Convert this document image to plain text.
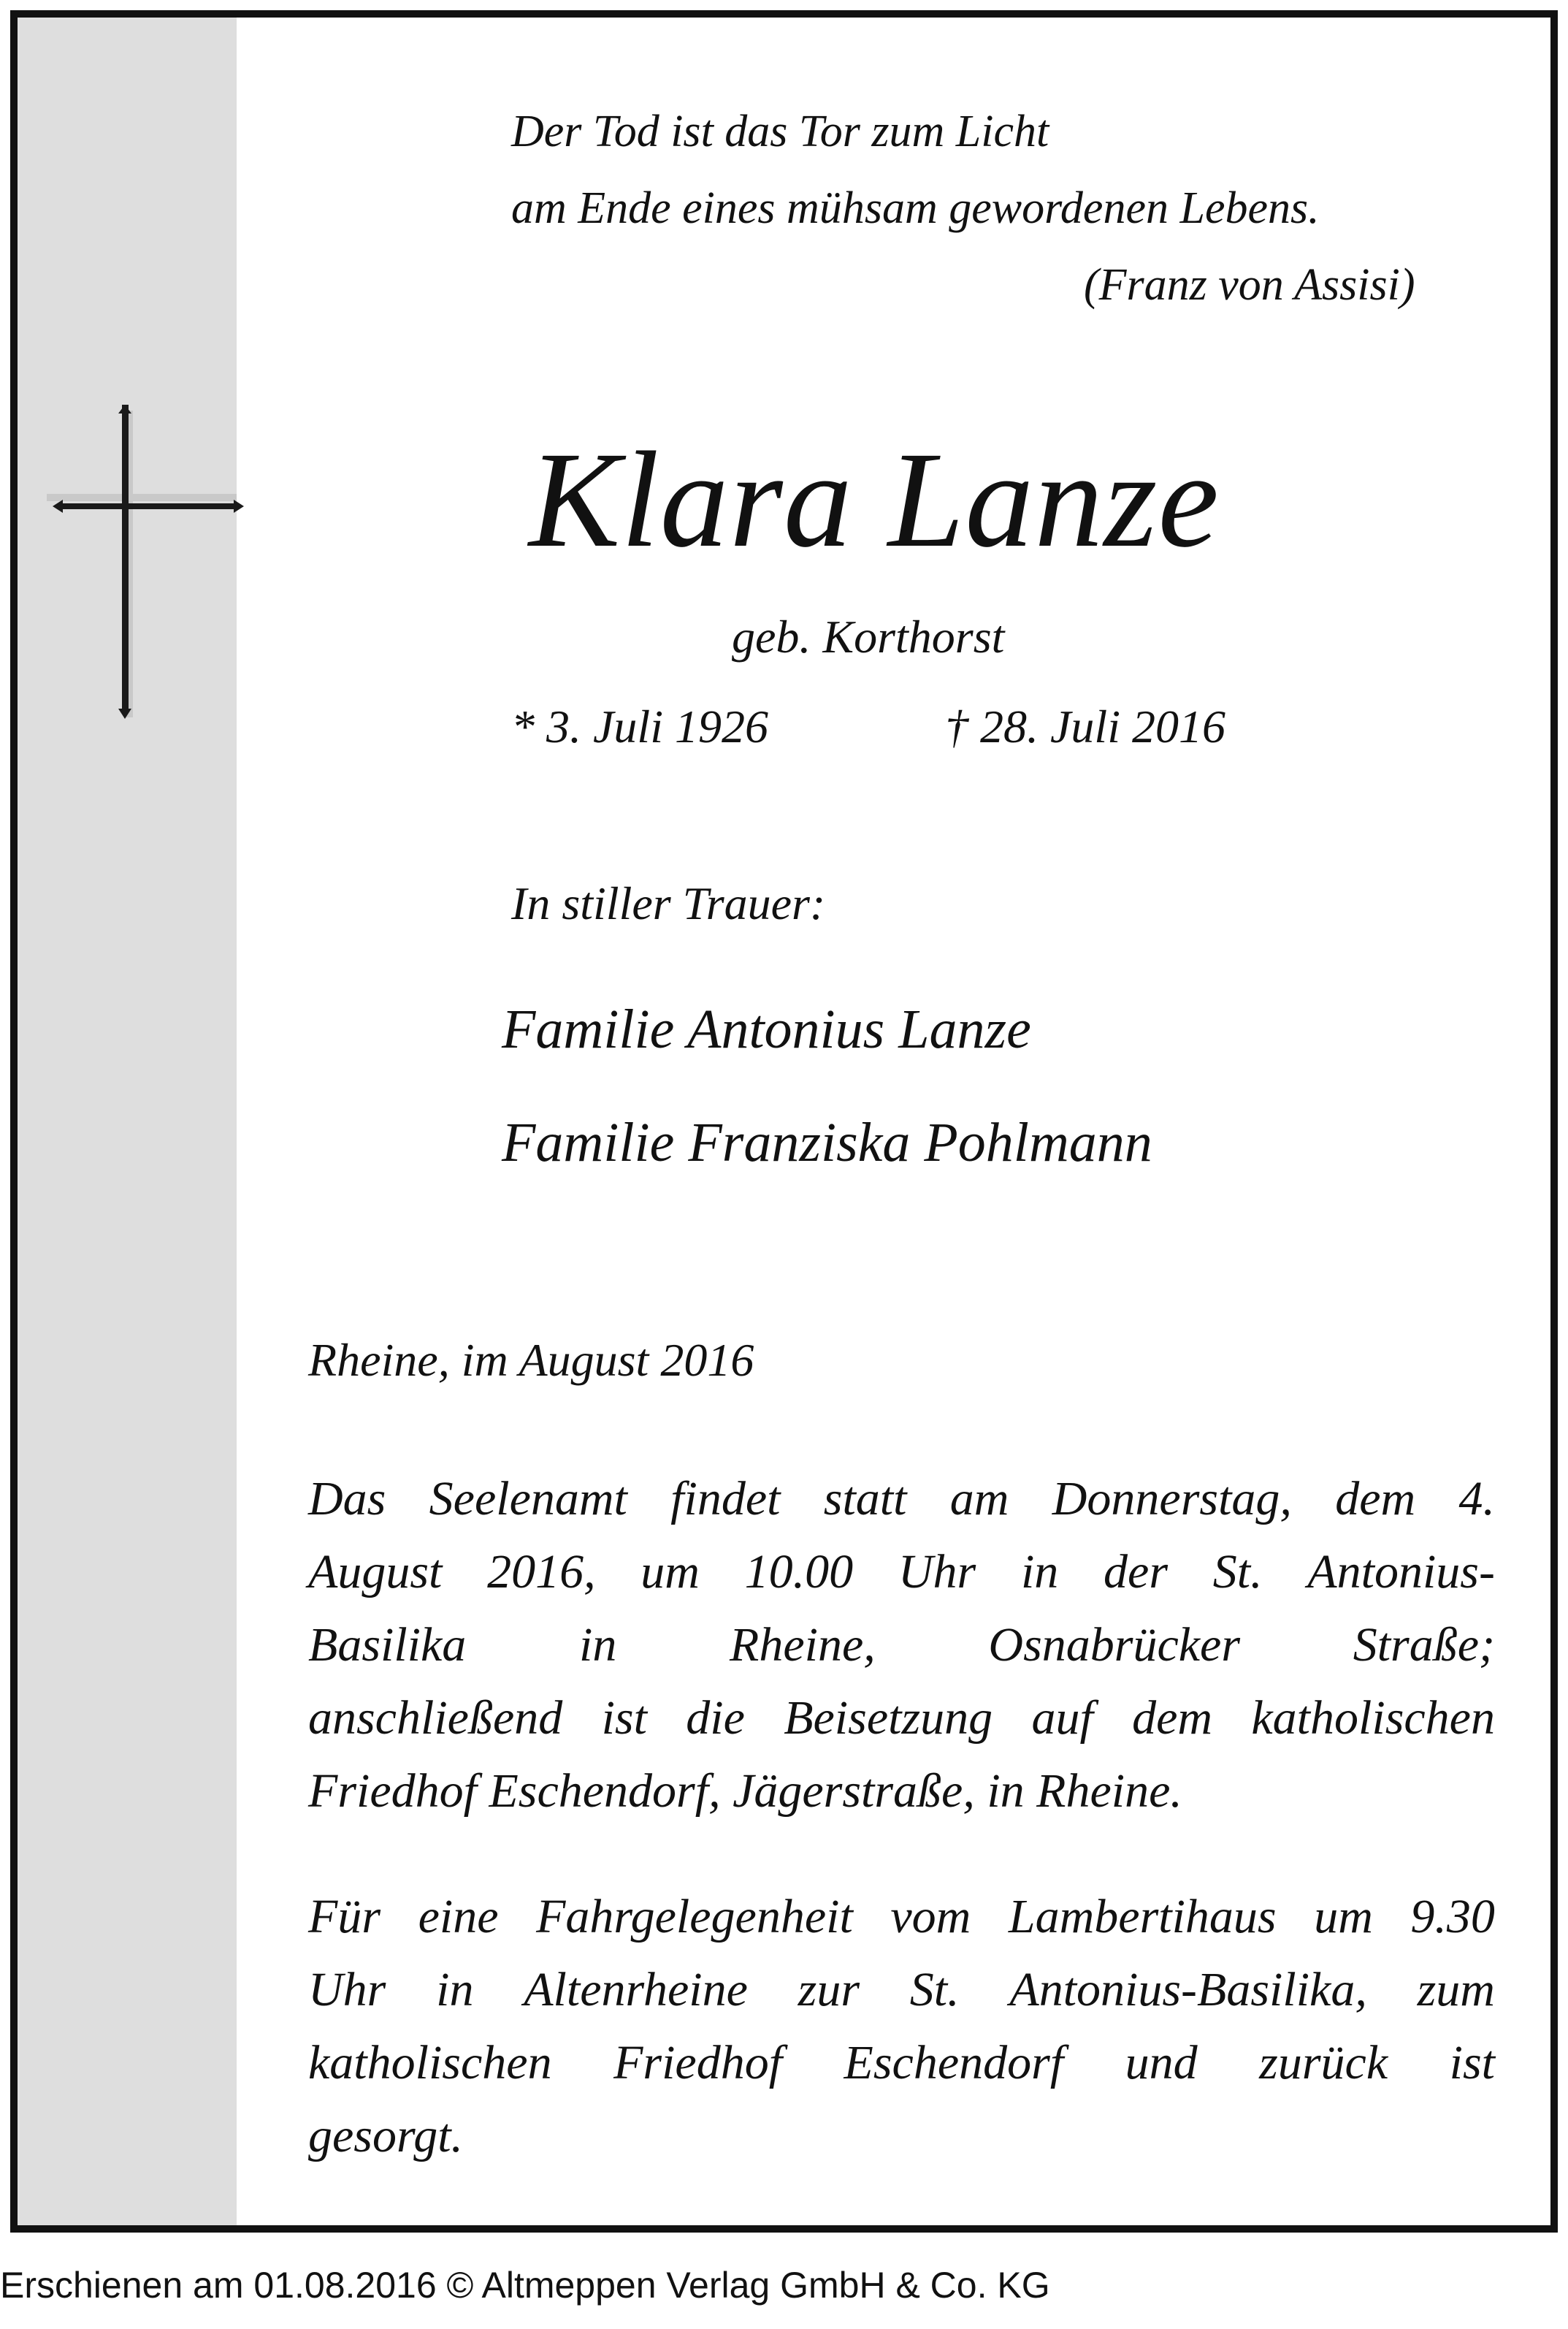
Der Tod ist das Tor zum Licht
am Ende eines mühsam gewordenen Lebens.
(Franz von Assisi)
Klara Lanze
geb. Korthorst
* 3. Juli 1926	† 28. Juli 2016
In stiller Trauer:
Familie Antonius Lanze
Familie Franziska Pohlmann
Rheine, im August 2016
Das Seelenamt findet statt am Donnerstag, dem 4.
August 2016, um 10.00 Uhr in der St. Antonius-
Basilika in Rheine, Osnabrücker Straße;
anschließend ist die Beisetzung auf dem katholischen
Friedhof Eschendorf, Jägerstraße, in Rheine.
Für eine Fahrgelegenheit vom Lambertihaus um 9.30
Uhr in Altenrheine zur St. Antonius-Basilika, zum
katholischen Friedhof Eschendorf und zurück ist
gesorgt.
Erschienen am 01.08.2016 © Altmeppen Verlag GmbH & Co. KG
